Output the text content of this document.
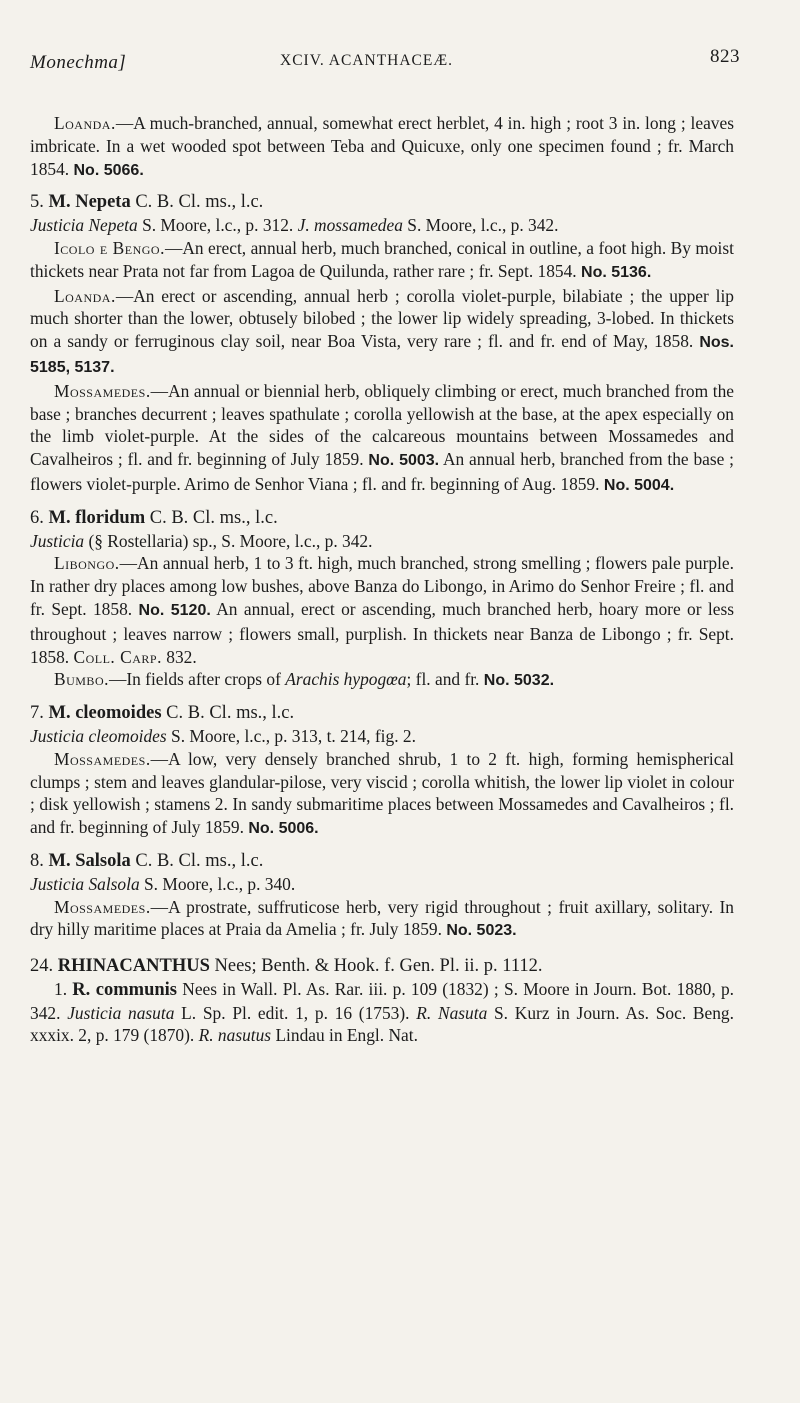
Monechma]	XCIV. ACANTHACEÆ.	823

Loanda.—A much-branched, annual, somewhat erect herblet, 4 in. high ; root 3 in. long ; leaves imbricate. In a wet wooded spot between Teba and Quicuxe, only one specimen found ; fr. March 1854. No. 5066.

5. M. Nepeta C. B. Cl. ms., l.c.

Justicia Nepeta S. Moore, l.c., p. 312. J. mossamedea S. Moore, l.c., p. 342.

Icolo e Bengo.—An erect, annual herb, much branched, conical in outline, a foot high. By moist thickets near Prata not far from Lagoa de Quilunda, rather rare ; fr. Sept. 1854. No. 5136.

Loanda.—An erect or ascending, annual herb ; corolla violet-purple, bilabiate ; the upper lip much shorter than the lower, obtusely bilobed ; the lower lip widely spreading, 3-lobed. In thickets on a sandy or ferruginous clay soil, near Boa Vista, very rare ; fl. and fr. end of May, 1858. Nos. 5185, 5137.

Mossamedes.—An annual or biennial herb, obliquely climbing or erect, much branched from the base ; branches decurrent ; leaves spathulate ; corolla yellowish at the base, at the apex especially on the limb violet-purple. At the sides of the calcareous mountains between Mossamedes and Cavalheiros ; fl. and fr. beginning of July 1859. No. 5003. An annual herb, branched from the base ; flowers violet-purple. Arimo de Senhor Viana ; fl. and fr. beginning of Aug. 1859. No. 5004.

6. M. floridum C. B. Cl. ms., l.c.

Justicia (§ Rostellaria) sp., S. Moore, l.c., p. 342.

Libongo.—An annual herb, 1 to 3 ft. high, much branched, strong smelling ; flowers pale purple. In rather dry places among low bushes, above Banza do Libongo, in Arimo do Senhor Freire ; fl. and fr. Sept. 1858. No. 5120. An annual, erect or ascending, much branched herb, hoary more or less throughout ; leaves narrow ; flowers small, purplish. In thickets near Banza de Libongo ; fr. Sept. 1858. Coll. Carp. 832.

Bumbo.—In fields after crops of Arachis hypogœa; fl. and fr. No. 5032.

7. M. cleomoides C. B. Cl. ms., l.c.

Justicia cleomoides S. Moore, l.c., p. 313, t. 214, fig. 2.

Mossamedes.—A low, very densely branched shrub, 1 to 2 ft. high, forming hemispherical clumps ; stem and leaves glandular-pilose, very viscid ; corolla whitish, the lower lip violet in colour ; disk yellowish ; stamens 2. In sandy submaritime places between Mossamedes and Cavalheiros ; fl. and fr. beginning of July 1859. No. 5006.

8. M. Salsola C. B. Cl. ms., l.c.

Justicia Salsola S. Moore, l.c., p. 340.

Mossamedes.—A prostrate, suffruticose herb, very rigid throughout ; fruit axillary, solitary. In dry hilly maritime places at Praia da Amelia ; fr. July 1859. No. 5023.

24. RHINACANTHUS Nees; Benth. & Hook. f. Gen. Pl. ii. p. 1112.

1. R. communis Nees in Wall. Pl. As. Rar. iii. p. 109 (1832) ; S. Moore in Journ. Bot. 1880, p. 342. Justicia nasuta L. Sp. Pl. edit. 1, p. 16 (1753). R. Nasuta S. Kurz in Journ. As. Soc. Beng. xxxix. 2, p. 179 (1870). R. nasutus Lindau in Engl. Nat.
